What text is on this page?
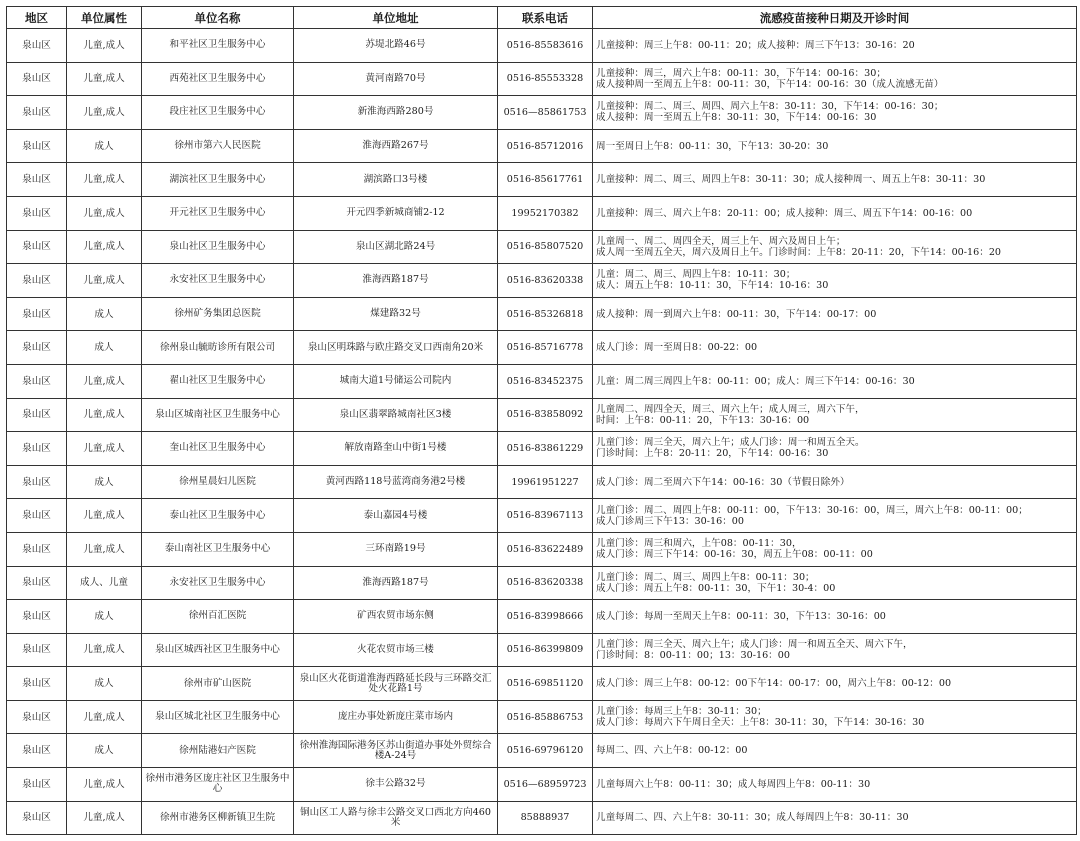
地区	单位属性	单位名称	单位地址	联系电话	流感疫苗接种日期及开诊时间
泉山区	儿童,成人	和平社区卫生服务中心	苏堤北路46号	0516-85583616	儿童接种：周三上午8：00-11：20；成人接种：周三下午13：30-16：20
泉山区	儿童,成人	西苑社区卫生服务中心	黄河南路70号	0516-85553328	儿童接种：周三，周六上午8：00-11：30，下午14：00-16：30；
成人接种周一至周五上午8：00-11：30，下午14：00-16：30（成人流感无苗）
泉山区	儿童,成人	段庄社区卫生服务中心	新淮海西路280号	0516—85861753	儿童接种：周二、周三、周四、周六上午8：30-11：30，下午14：00-16：30；
成人接种：周一至周五上午8：30-11：30，下午14：00-16：30
泉山区	成人	徐州市第六人民医院	淮海西路267号	0516-85712016	周一至周日上午8：00-11：30，下午13：30-20：30
泉山区	儿童,成人	湖滨社区卫生服务中心	湖滨路口3号楼	0516-85617761	儿童接种：周二、周三、周四上午8：30-11：30；成人接种周一、周五上午8：30-11：30
泉山区	儿童,成人	开元社区卫生服务中心	开元四季新城商铺2-12	19952170382	儿童接种：周三、周六上午8：20-11：00；成人接种：周三、周五下午14：00-16：00
泉山区	儿童,成人	泉山社区卫生服务中心	泉山区湖北路24号	0516-85807520	儿童周一、周二、周四全天，周三上午、周六及周日上午；
成人周一至周五全天，周六及周日上午。门诊时间：上午8：20-11：20，下午14：00-16：20
泉山区	儿童,成人	永安社区卫生服务中心	淮海西路187号	0516-83620338	儿童：周二、周三、周四上午8：10-11：30；
成人：周五上午8：10-11：30，下午14：10-16：30
泉山区	成人	徐州矿务集团总医院	煤建路32号	0516-85326818	成人接种：周一到周六上午8：00-11：30，下午14：00-17：00
泉山区	成人	徐州泉山毓昉诊所有限公司	泉山区明珠路与欧庄路交叉口西南角20米	0516-85716778	成人门诊：周一至周日8：00-22：00
泉山区	儿童,成人	翟山社区卫生服务中心	城南大道1号储运公司院内	0516-83452375	儿童：周二周三周四上午8：00-11：00；成人：周三下午14：00-16：30
泉山区	儿童,成人	泉山区城南社区卫生服务中心	泉山区翡翠路城南社区3楼	0516-83858092	儿童周二、周四全天，周三、周六上午；成人周三，周六下午，
时间：上午8：00-11：20，下午13：30-16：00
泉山区	儿童,成人	奎山社区卫生服务中心	解放南路奎山中街1号楼	0516-83861229	儿童门诊：周三全天，周六上午；成人门诊：周一和周五全天。
门诊时间：上午8：20-11：20，下午14：00-16：30
泉山区	成人	徐州星晨妇儿医院	黄河西路118号蓝湾商务港2号楼	19961951227	成人门诊：周二至周六下午14：00-16：30（节假日除外）
泉山区	儿童,成人	泰山社区卫生服务中心	泰山嘉园4号楼	0516-83967113	儿童门诊：周二、周四上午8：00-11：00，下午13：30-16：00，周三，周六上午8：00-11：00；
成人门诊周三下午13：30-16：00
泉山区	儿童,成人	泰山南社区卫生服务中心	三环南路19号	0516-83622489	儿童门诊：周三和周六，上午08：00-11：30，
成人门诊：周三下午14：00-16：30，周五上午08：00-11：00
泉山区	成人、儿童	永安社区卫生服务中心	淮海西路187号	0516-83620338	儿童门诊：周二、周三、周四上午8：00-11：30；
成人门诊：周五上午8：00-11：30，下午1：30-4：00
泉山区	成人	徐州百汇医院	矿西农贸市场东侧	0516-83998666	成人门诊：每周一至周天上午8：00-11：30，下午13：30-16：00
泉山区	儿童,成人	泉山区城西社区卫生服务中心	火花农贸市场三楼	0516-86399809	儿童门诊：周三全天、周六上午；成人门诊：周一和周五全天、周六下午，
门诊时间：8：00-11：00；13：30-16：00
泉山区	成人	徐州市矿山医院	泉山区火花街道淮海西路延长段与三环路交汇处火花路1号	0516-69851120	成人门诊：周三上午8：00-12：00下午14：00-17：00，周六上午8：00-12：00
泉山区	儿童,成人	泉山区城北社区卫生服务中心	庞庄办事处新庞庄菜市场内	0516-85886753	儿童门诊：每周三上午8：30-11：30；
成人门诊：每周六下午周日全天：上午8：30-11：30，下午14：30-16：30
泉山区	成人	徐州陆港妇产医院	徐州淮海国际港务区苏山街道办事处外贸综合楼A-24号	0516-69796120	每周二、四、六上午8：00-12：00
泉山区	儿童,成人	徐州市港务区庞庄社区卫生服务中心	徐丰公路32号	0516—68959723	儿童每周六上午8：00-11：30；成人每周四上午8：00-11：30
泉山区	儿童,成人	徐州市港务区柳新镇卫生院	铜山区工人路与徐丰公路交叉口西北方向460米	85888937	儿童每周二、四、六上午8：30-11：30；成人每周四上午8：30-11：30
